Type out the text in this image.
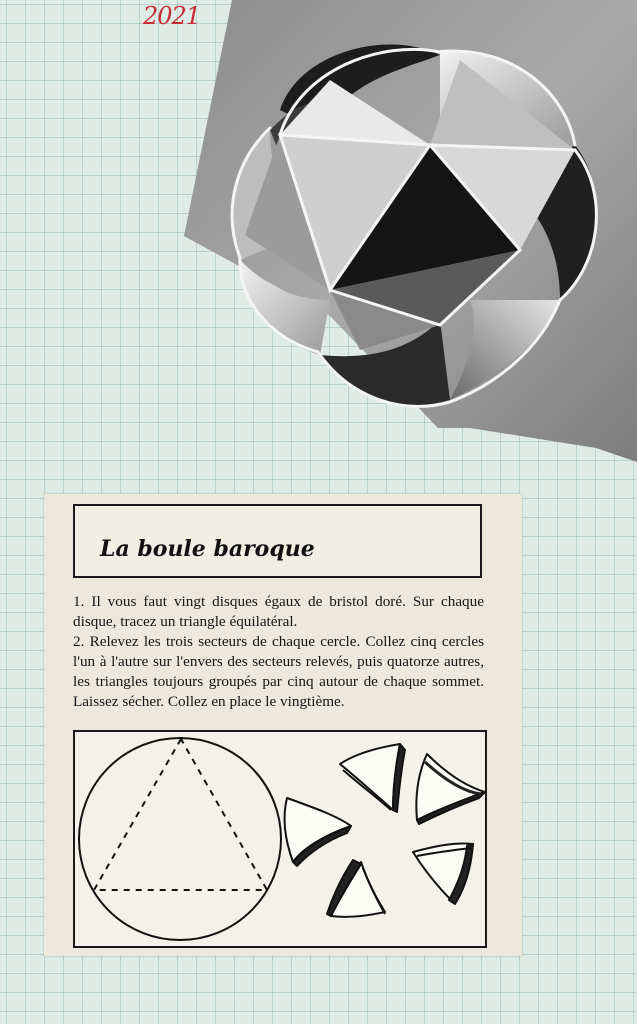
2021
La boule baroque

1. Il vous faut vingt disques égaux de bristol doré. Sur chaque disque, tracez un triangle équilatéral.

2. Relevez les trois secteurs de chaque cercle. Collez cinq cercles l'un à l'autre sur l'envers des secteurs relevés, puis quatorze autres, les triangles toujours groupés par cinq autour de chaque sommet. Laissez sécher. Collez en place le vingtième.
